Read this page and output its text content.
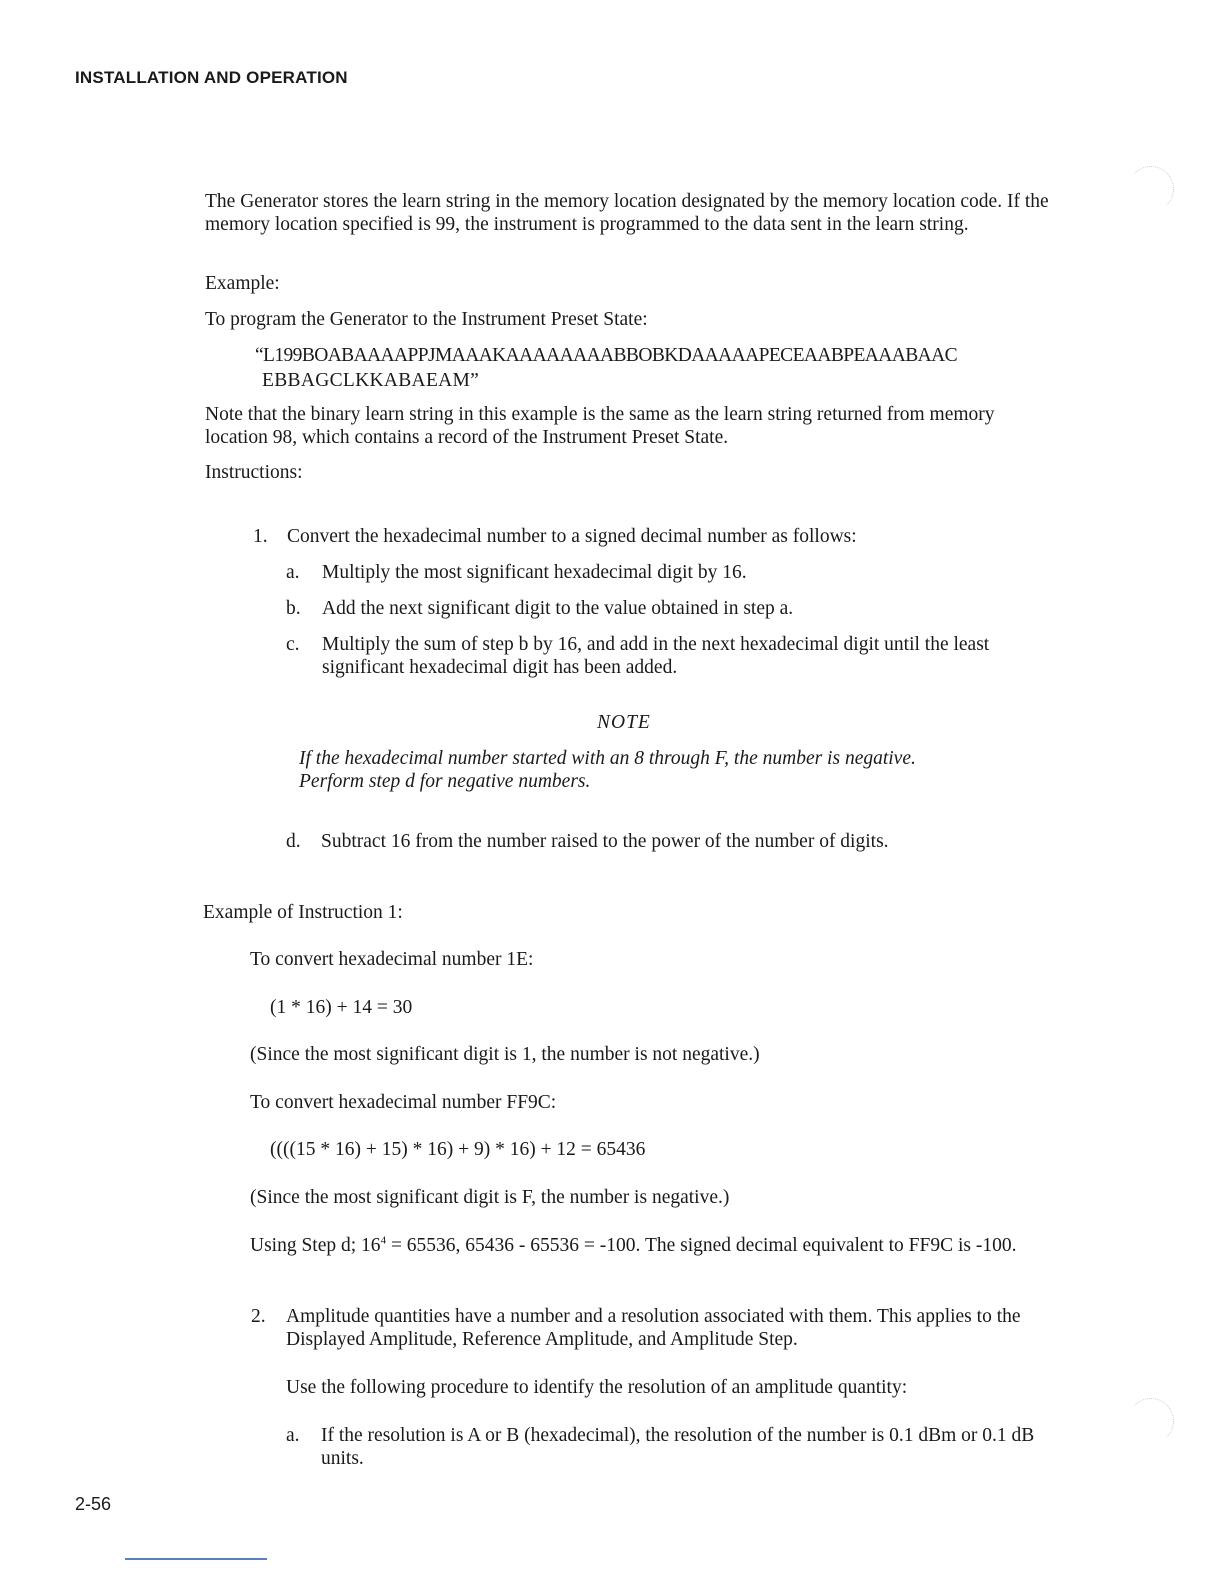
INSTALLATION AND OPERATION

The Generator stores the learn string in the memory location designated by the memory location code. If the memory location specified is 99, the instrument is programmed to the data sent in the learn string.

Example:

To program the Generator to the Instrument Preset State:

“L199BOABAAAAPPJMAAAKAAAAAAAABBOBKDAAAAAPECEAABPEAAABAAC

EBBAGCLKKABAEAM”

Note that the binary learn string in this example is the same as the learn string returned from memory location 98, which contains a record of the Instrument Preset State.

Instructions:

1. Convert the hexadecimal number to a signed decimal number as follows:

a. Multiply the most significant hexadecimal digit by 16.

b. Add the next significant digit to the value obtained in step a.

c. Multiply the sum of step b by 16, and add in the next hexadecimal digit until the least significant hexadecimal digit has been added.

NOTE

If the hexadecimal number started with an 8 through F, the number is negative. Perform step d for negative numbers.

d. Subtract 16 from the number raised to the power of the number of digits.

Example of Instruction 1:

To convert hexadecimal number 1E:

(1 * 16) + 14 = 30

(Since the most significant digit is 1, the number is not negative.)

To convert hexadecimal number FF9C:

((((15 * 16) + 15) * 16) + 9) * 16) + 12 = 65436

(Since the most significant digit is F, the number is negative.)

Using Step d; $16^4 = 65536$, 65436 - 65536 = -100. The signed decimal equivalent to FF9C is -100.

2. Amplitude quantities have a number and a resolution associated with them. This applies to the Displayed Amplitude, Reference Amplitude, and Amplitude Step.

Use the following procedure to identify the resolution of an amplitude quantity:

a. If the resolution is A or B (hexadecimal), the resolution of the number is 0.1 dBm or 0.1 dB units.

2-56
